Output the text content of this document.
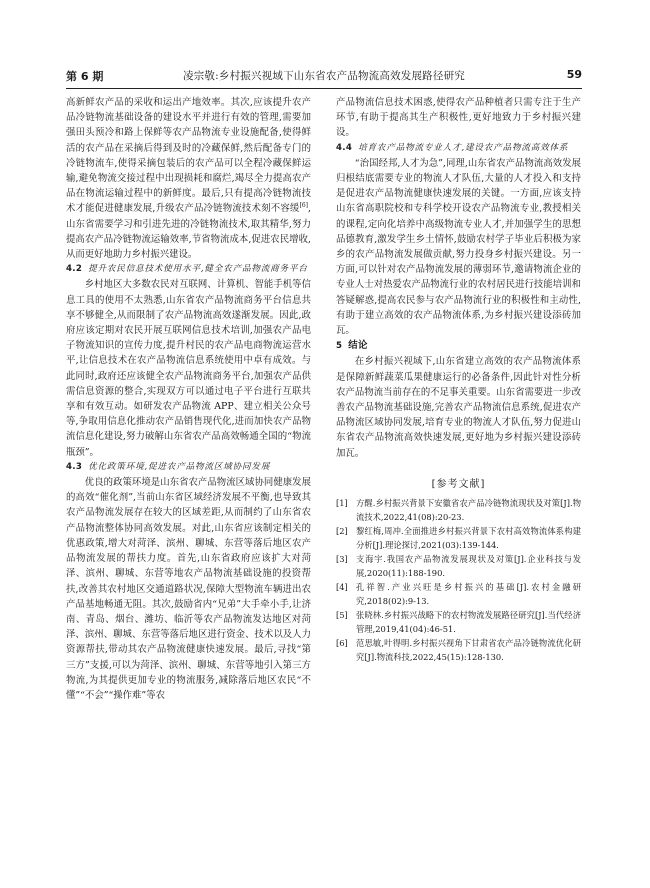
第 6 期	凌宗敬:乡村振兴视域下山东省农产品物流高效发展路径研究	59

高新鲜农产品的采收和运出产地效率。其次,应该提升农产品冷链物流基础设备的建设水平并进行有效的管理,需要加强田头预冷和路上保鲜等农产品物流专业设施配备,使得鲜活的农产品在采摘后得到及时的冷藏保鲜,然后配备专门的冷链物流车,使得采摘包装后的农产品可以全程冷藏保鲜运输,避免物流交接过程中出现损耗和腐烂,竭尽全力提高农产品在物流运输过程中的新鲜度。最后,只有提高冷链物流技术才能促进健康发展,升级农产品冷链物流技术刻不容缓[6],山东省需要学习和引进先进的冷链物流技术,取其精华,努力提高农产品冷链物流运输效率,节省物流成本,促进农民增收,从而更好地助力乡村振兴建设。

4.2 提升农民信息技术使用水平,健全农产品物流商务平台

乡村地区大多数农民对互联网、计算机、智能手机等信息工具的使用不太熟悉,山东省农产品物流商务平台信息共享不够健全,从而限制了农产品物流高效遂渐发展。因此,政府应该定期对农民开展互联网信息技术培训,加强农产品电子物流知识的宣传力度,提升村民的农产品电商物流运营水平,让信息技术在农产品物流信息系统使用中卓有成效。与此同时,政府还应该健全农产品物流商务平台,加强农产品供需信息资源的整合,实现双方可以通过电子平台进行互联共享和有效互动。如研发农产品物流 APP、建立相关公众号等,争取用信息化推动农产品销售现代化,进而加快农产品物流信息化建设,努力破解山东省农产品高效畅通全国的“物流瓶颈”。

4.3 优化政策环境,促进农产品物流区域协同发展

优良的政策环境是山东省农产品物流区域协同健康发展的高效“催化剂”,当前山东省区域经济发展不平衡,也导致其农产品物流发展存在较大的区域差距,从而制约了山东省农产品物流整体协同高效发展。对此,山东省应该制定相关的优惠政策,增大对菏泽、滨州、聊城、东营等落后地区农产品物流发展的帮扶力度。首先,山东省政府应该扩大对菏泽、滨州、聊城、东营等地农产品物流基础设施的投资帮扶,改善其农村地区交通道路状况,保障大型物流车辆进出农产品基地畅通无阻。其次,鼓励省内“兄弟”大手牵小手,让济南、青岛、烟台、潍坊、临沂等农产品物流发达地区对菏泽、滨州、聊城、东营等落后地区进行资金、技术以及人力资源帮扶,带动其农产品物流健康快速发展。最后,寻找“第三方”支援,可以为菏泽、滨州、聊城、东营等地引入第三方物流,为其提供更加专业的物流服务,减除落后地区农民“不懂”“不会”“操作难”等农

产品物流信息技术困惑,使得农产品种植者只需专注于生产环节,有助于提高其生产积极性,更好地致力于乡村振兴建设。

4.4 培育农产品物流专业人才,建设农产品物流高效体系

“治国经邦,人才为急”,同理,山东省农产品物流高效发展归根结底需要专业的物流人才队伍,大量的人才投入和支持是促进农产品物流健康快速发展的关键。一方面,应该支持山东省高职院校和专科学校开设农产品物流专业,教授相关的课程,定向化培养中高级物流专业人才,并加强学生的思想品德教育,激发学生乡土情怀,鼓励农村学子毕业后积极为家乡的农产品物流发展做贡献,努力投身乡村振兴建设。另一方面,可以针对农产品物流发展的薄弱环节,邀请物流企业的专业人士对热爱农产品物流行业的农村居民进行技能培训和答疑解惑,提高农民参与农产品物流行业的积极性和主动性,有助于建立高效的农产品物流体系,为乡村振兴建设添砖加瓦。

5 结论

在乡村振兴视域下,山东省建立高效的农产品物流体系是保障新鲜蔬菜瓜果健康运行的必备条件,因此针对性分析农产品物流当前存在的不足事关重要。山东省需要进一步改善农产品物流基础设施,完善农产品物流信息系统,促进农产品物流区域协同发展,培育专业的物流人才队伍,努力促进山东省农产品物流高效快速发展,更好地为乡村振兴建设添砖加瓦。

[参考文献]

[1] 方醒.乡村振兴背景下安徽省农产品冷链物流现状及对策[J].物流技术,2022,41(08):20-23.
[2] 黎红梅,周冲.全面推进乡村振兴背景下农村高效物流体系构建分析[J].理论探讨,2021(03):139-144.
[3] 支海宇.我国农产品物流发展现状及对策[J].企业科技与发展,2020(11):188-190.
[4] 孔祥智.产业兴旺是乡村振兴的基础[J].农村金融研究,2018(02):9-13.
[5] 张晓林.乡村振兴战略下的农村物流发展路径研究[J].当代经济管理,2019,41(04):46-51.
[6] 范思敏,叶得明.乡村振兴视角下甘肃省农产品冷链物流优化研究[J].物流科技,2022,45(15):128-130.
